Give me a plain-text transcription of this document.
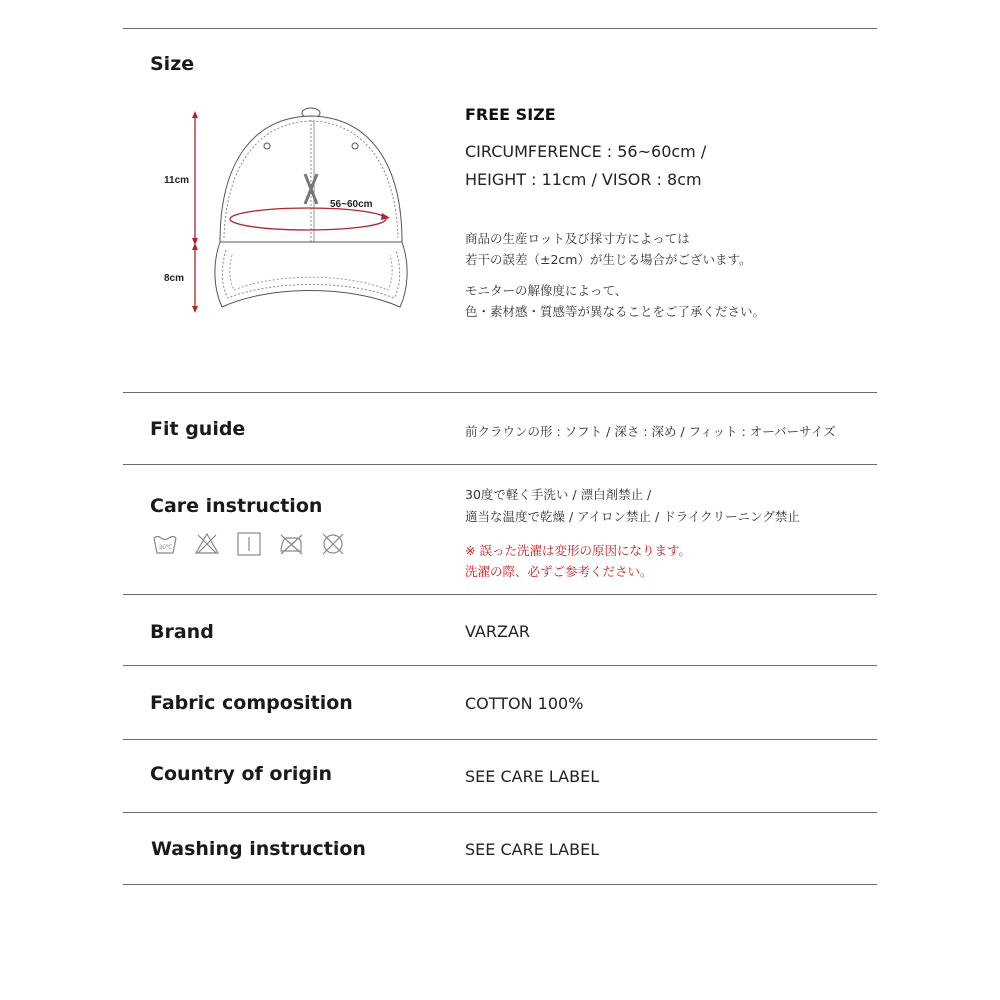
Size
11cm
8cm
56~60cm
FREE SIZE
CIRCUMFERENCE : 56~60cm /
HEIGHT : 11cm / VISOR : 8cm
商品の生産ロット及び採寸方によっては
若干の誤差（±2cm）が生じる場合がございます。
モニターの解像度によって、
色・素材感・質感等が異なることをご了承ください。
Fit guide	前クラウンの形 : ソフト / 深さ : 深め / フィット : オーバーサイズ
Care instruction
30℃
30度で軽く手洗い / 漂白剤禁止 /
適当な温度で乾燥 / アイロン禁止 / ドライクリーニング禁止
※ 誤った洗濯は変形の原因になります。
洗濯の際、必ずご参考ください。
Brand	VARZAR
Fabric composition	COTTON 100%
Country of origin	SEE CARE LABEL
Washing instruction	SEE CARE LABEL
